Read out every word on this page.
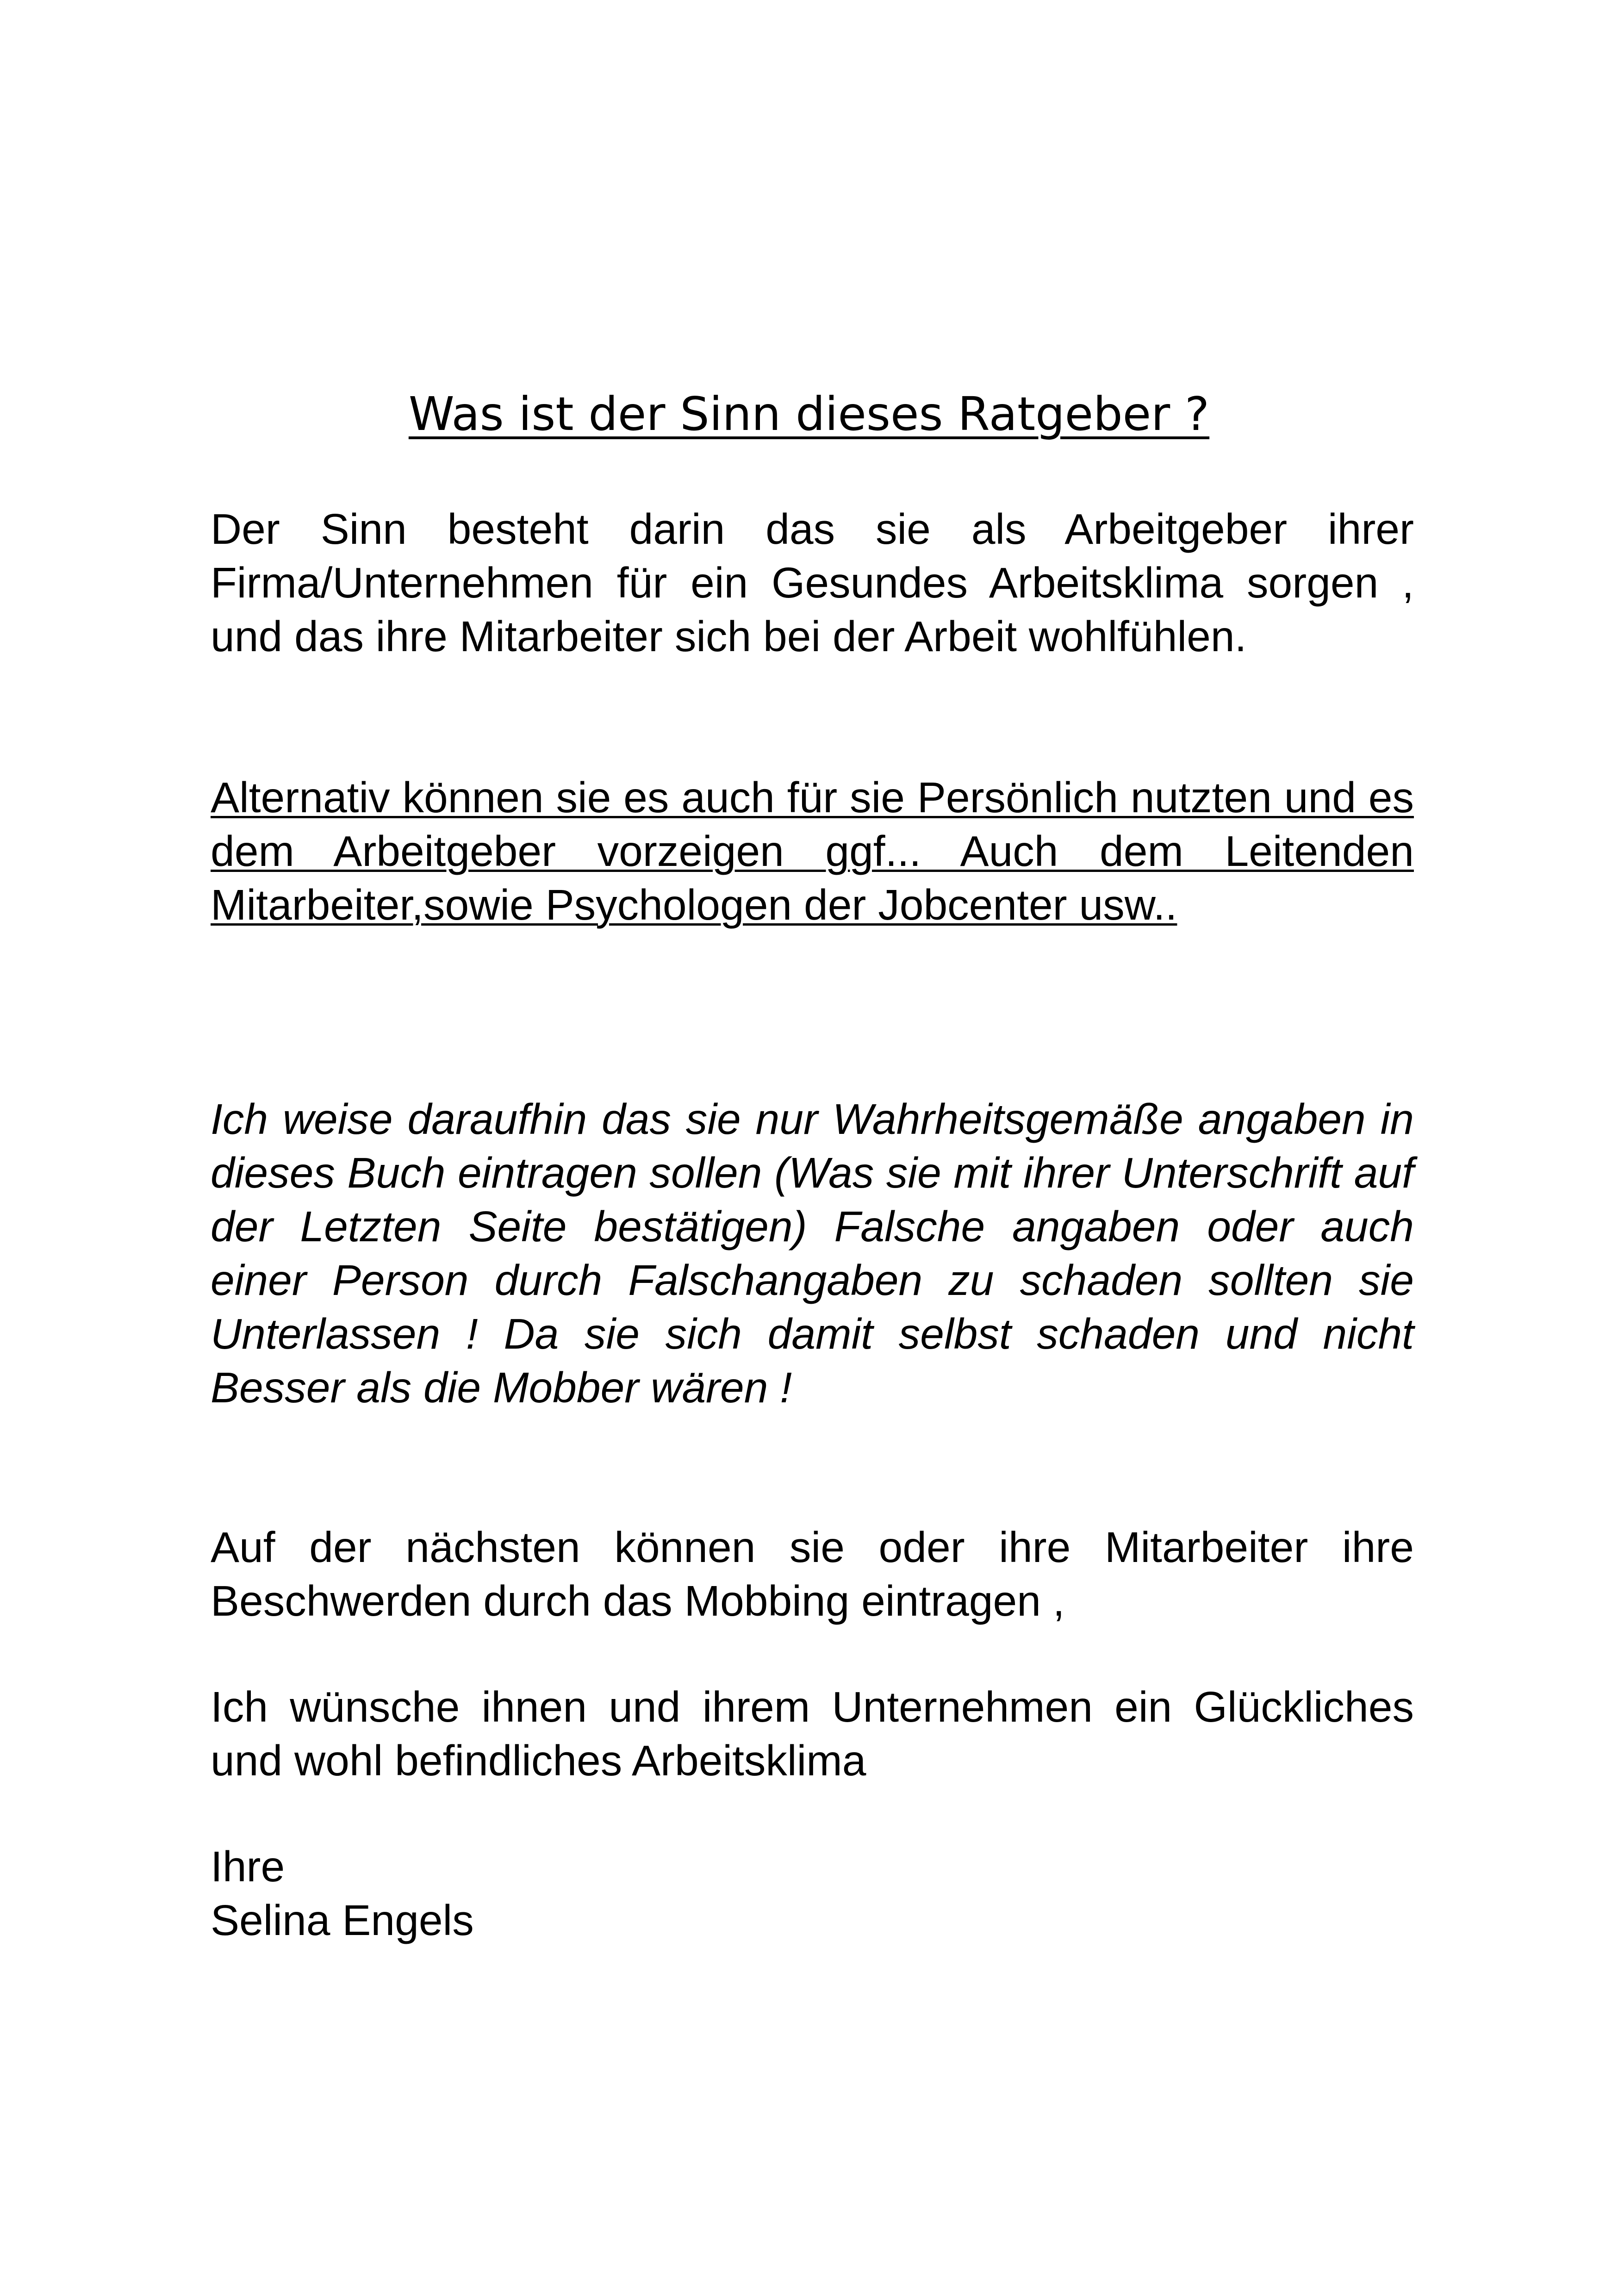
Was ist der Sinn dieses Ratgeber ?

Der Sinn besteht darin das sie als Arbeitgeber ihrer Firma/Unternehmen für ein Gesundes Arbeitsklima sorgen , und das ihre Mitarbeiter sich bei der Arbeit wohlfühlen.

Alternativ können sie es auch für sie Persönlich nutzten und es dem Arbeitgeber vorzeigen ggf... Auch dem Leitenden Mitarbeiter,sowie Psychologen der Jobcenter usw..

Ich weise daraufhin das sie nur Wahrheitsgemäße angaben in dieses Buch eintragen sollen (Was sie mit ihrer Unterschrift auf der Letzten Seite bestätigen) Falsche angaben oder auch einer Person durch Falschangaben zu schaden sollten sie Unterlassen ! Da sie sich damit selbst schaden und nicht Besser als die Mobber wären !

Auf der nächsten können sie oder ihre Mitarbeiter ihre Beschwerden durch das Mobbing eintragen ,

Ich wünsche ihnen und ihrem Unternehmen ein Glückliches und wohl befindliches Arbeitsklima

Ihre
Selina Engels
